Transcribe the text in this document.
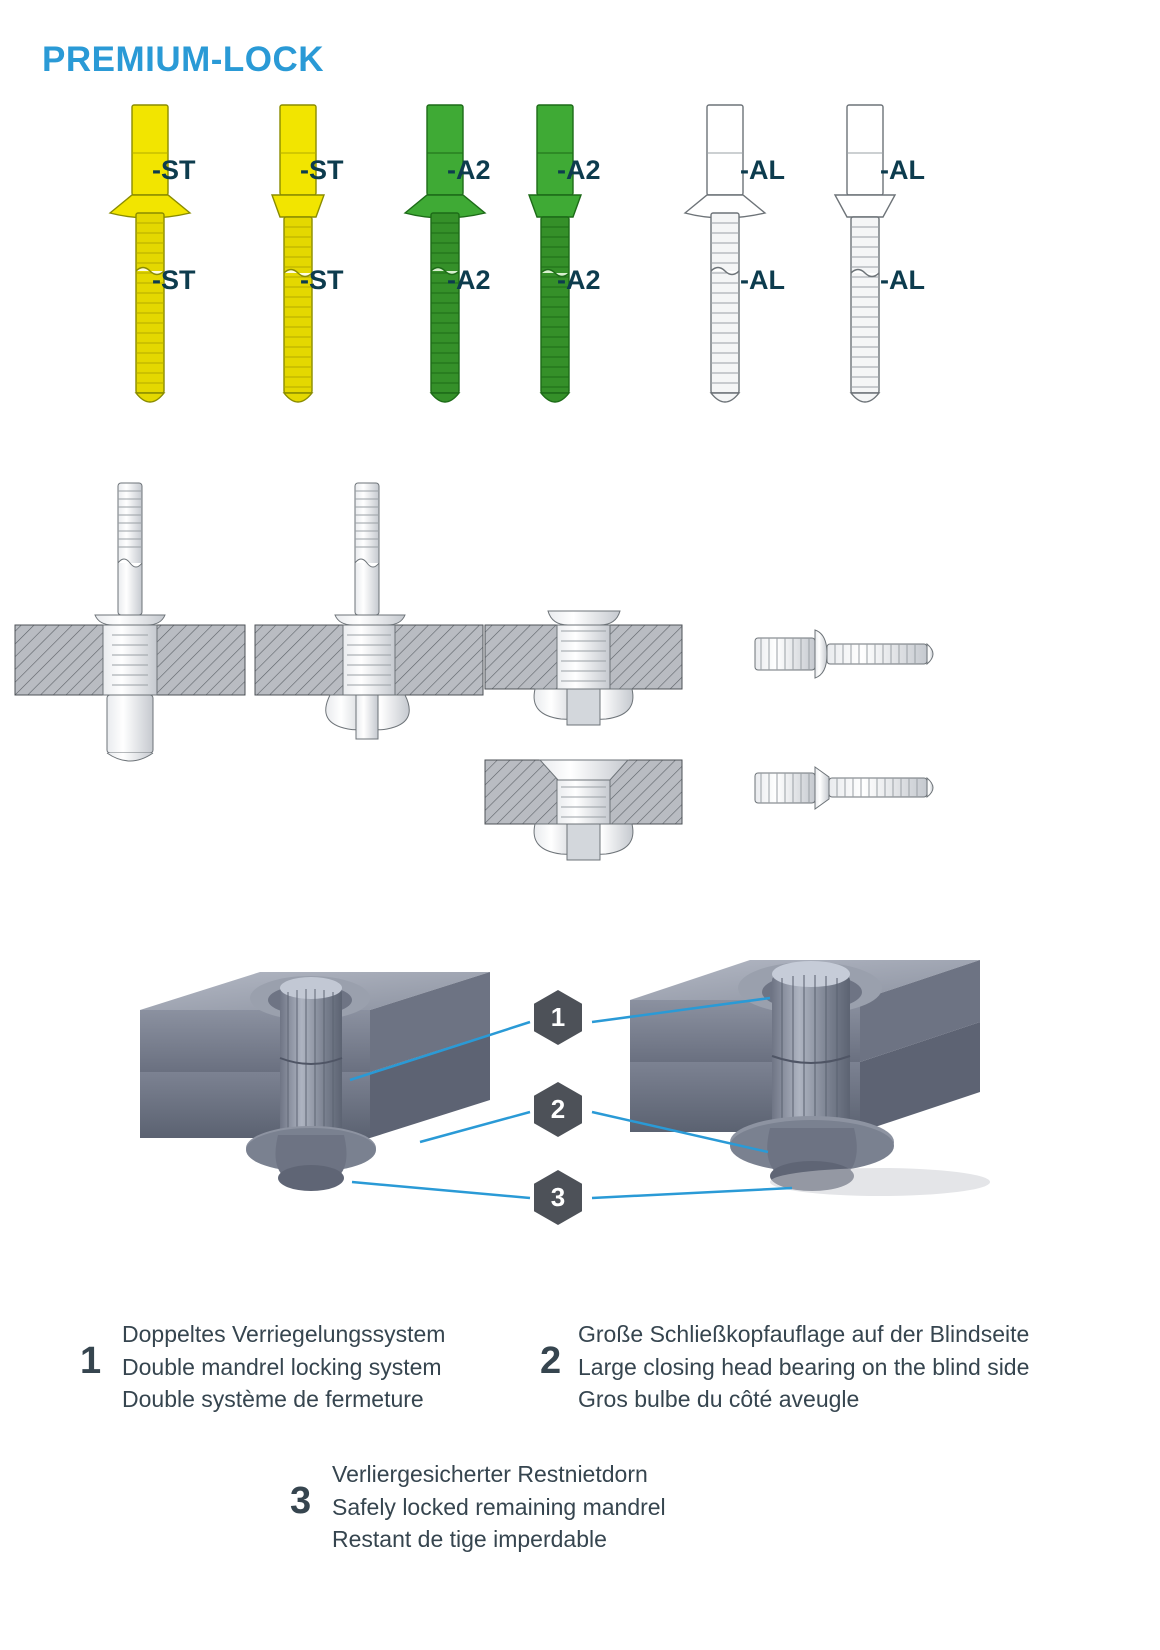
PREMIUM-LOCK
-ST
-ST
-ST
-ST
-A2
-A2
-A2
-A2
-AL
-AL
-AL
-AL
1
2
3
1
Doppeltes Verriegelungssystem
Double mandrel locking system
Double système de fermeture
2
Große Schließkopfauflage auf der Blindseite
Large closing head bearing on the blind side
Gros bulbe du côté aveugle
3
Verliergesicherter Restnietdorn
Safely locked remaining mandrel
Restant de tige imperdable
